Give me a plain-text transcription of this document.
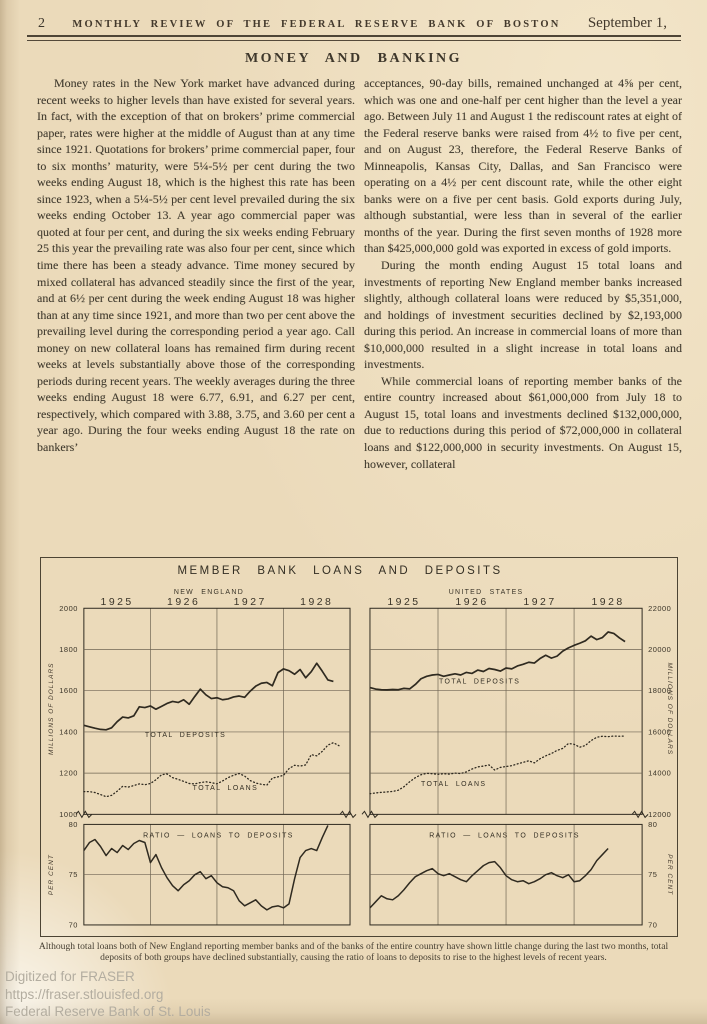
2	MONTHLY REVIEW OF THE FEDERAL RESERVE BANK OF BOSTON	September 1,
MONEY AND BANKING

Money rates in the New York market have advanced during recent weeks to higher levels than have existed for several years. In fact, with the exception of that on brokers’ prime commercial paper, rates were higher at the middle of August than at any time since 1921. Quotations for brokers’ prime commercial paper, four to six months’ maturity, were 5¼-5½ per cent during the two weeks ending August 18, which is the highest this rate has been since 1923, when a 5¼-5½ per cent level prevailed during the six weeks ending October 13. A year ago commercial paper was quoted at four per cent, and during the six weeks ending February 25 this year the prevailing rate was also four per cent, since which time there has been a steady advance. Time money secured by mixed collateral has advanced steadily since the first of the year, and at 6½ per cent during the week ending August 18 was higher than at any time since 1921, and more than two per cent above the prevailing level during the corresponding period a year ago. Call money on new collateral loans has remained firm during recent weeks at levels substantially above those of the corresponding periods during recent years. The weekly averages during the three weeks ending August 18 were 6.77, 6.91, and 6.27 per cent, respectively, which compared with 3.88, 3.75, and 3.60 per cent a year ago. During the four weeks ending August 18 the rate on bankers’

acceptances, 90-day bills, remained unchanged at 4⅝ per cent, which was one and one-half per cent higher than the level a year ago. Between July 11 and August 1 the rediscount rates at eight of the Federal reserve banks were raised from 4½ to five per cent, and on August 23, therefore, the Federal Reserve Banks of Minneapolis, Kansas City, Dallas, and San Francisco were operating on a 4½ per cent discount rate, while the other eight banks were on a five per cent basis. Gold exports during July, although substantial, were less than in several of the earlier months of the year. During the first seven months of 1928 more than $425,000,000 gold was exported in excess of gold imports.

During the month ending August 15 total loans and investments of reporting New England member banks increased slightly, although collateral loans were reduced by $5,351,000, and holdings of investment securities declined by $2,193,000 during this period. An increase in commercial loans of more than $10,000,000 resulted in a slight increase in total loans and investments.

While commercial loans of reporting member banks of the entire country increased about $61,000,000 from July 18 to August 15, total loans and investments declined $132,000,000, due to reductions during this period of $72,000,000 in collateral loans and $122,000,000 in security investments. On August 15, however, collateral

MEMBER BANK LOANS AND DEPOSITS
NEW ENGLAND
1925	1926	1927	1928
2000
1800
1600
1400
1200
1000
80
75
70
MILLIONS OF DOLLARS
PER CENT
TOTAL DEPOSITS
TOTAL LOANS
RATIO — LOANS TO DEPOSITS
UNITED STATES
1925	1926	1927	1928
22000
20000
18000
16000
14000
12000
80
75
70
MILLIONS OF DOLLARS
PER CENT
TOTAL DEPOSITS
TOTAL LOANS
RATIO — LOANS TO DEPOSITS
Although total loans both of New England reporting member banks and of the banks of the entire country have shown little change during the last two months, total deposits of both groups have declined substantially, causing the ratio of loans to deposits to rise to the highest levels of recent years.
Digitized for FRASER
https://fraser.stlouisfed.org
Federal Reserve Bank of St. Louis
